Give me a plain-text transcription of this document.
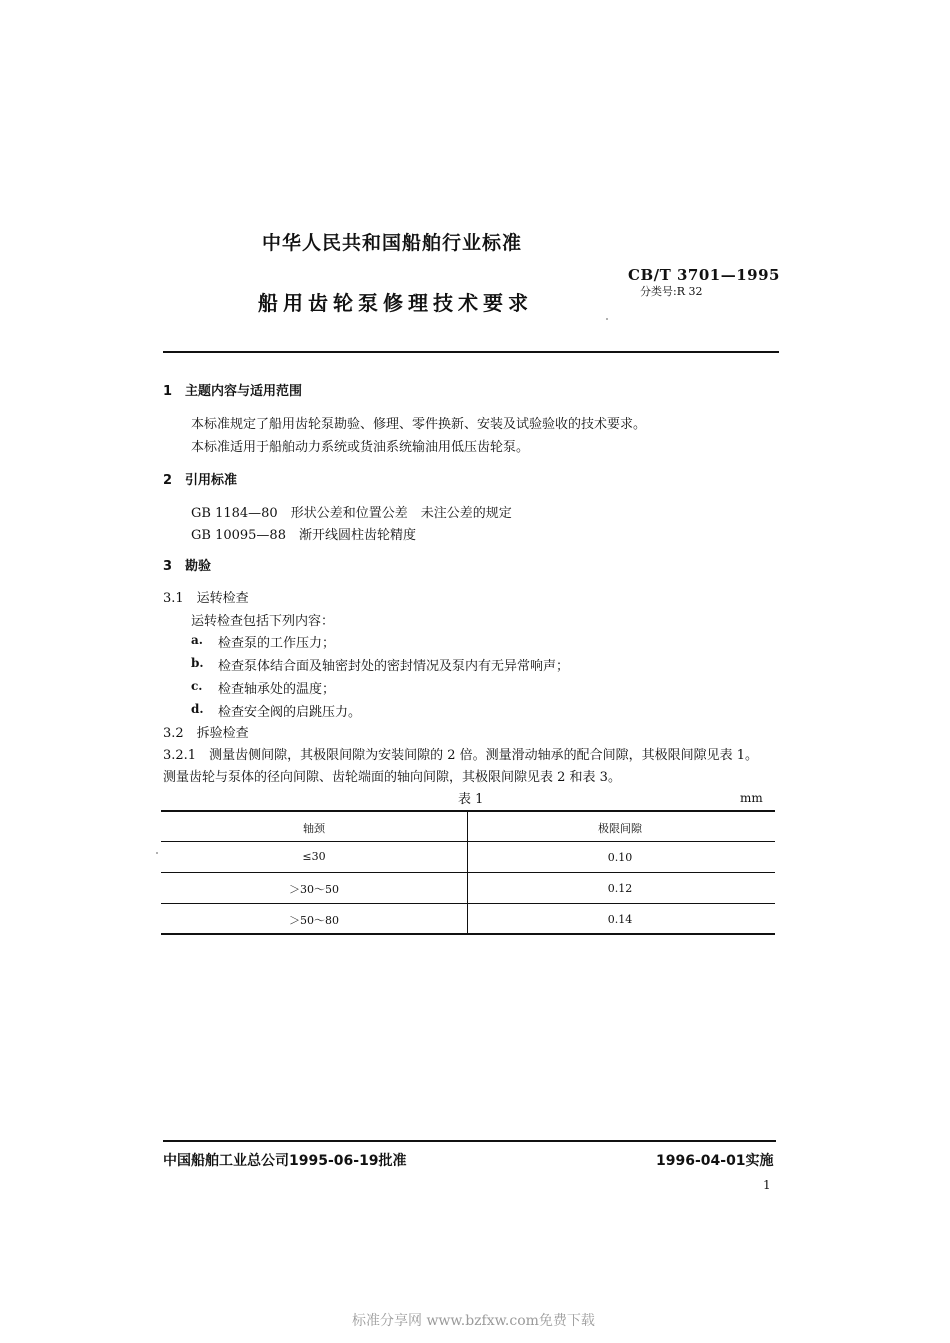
中华人民共和国船舶行业标准
船用齿轮泵修理技术要求
CB/T 3701—1995
分类号:R 32
1　主题内容与适用范围
本标准规定了船用齿轮泵勘验、修理、零件换新、安装及试验验收的技术要求。
本标准适用于船舶动力系统或货油系统输油用低压齿轮泵。
2　引用标准
GB 1184—80　形状公差和位置公差　未注公差的规定
GB 10095—88　渐开线圆柱齿轮精度
3　勘验
3.1　运转检查
运转检查包括下列内容：
a. 检查泵的工作压力；
b. 检查泵体结合面及轴密封处的密封情况及泵内有无异常响声；
c. 检查轴承处的温度；
d. 检查安全阀的启跳压力。
3.2　拆验检查
3.2.1　测量齿侧间隙，其极限间隙为安装间隙的 2 倍。测量滑动轴承的配合间隙，其极限间隙见表 1。
测量齿轮与泵体的径向间隙、齿轮端面的轴向间隙，其极限间隙见表 2 和表 3。
表 1	mm
轴颈	极限间隙
≤30	0.10
＞30～50	0.12
＞50～80	0.14
中国船舶工业总公司1995-06-19批准	1996-04-01实施
1
标准分享网 www.bzfxw.com免费下载
